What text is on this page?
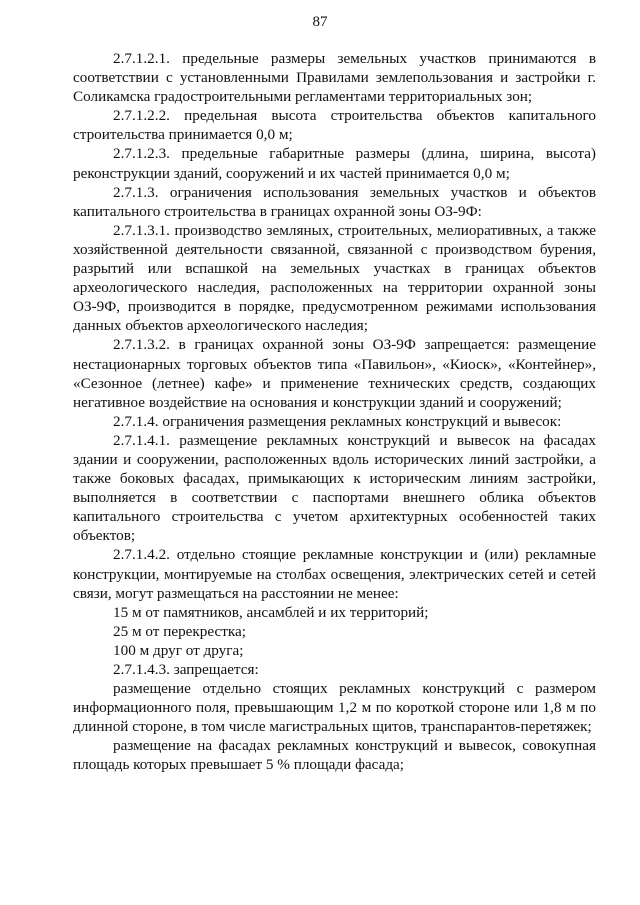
87

2.7.1.2.1. предельные размеры земельных участков принимаются в соответствии с установленными Правилами землепользования и застройки г. Соликамска градостроительными регламентами территориальных зон;

2.7.1.2.2. предельная высота строительства объектов капитального строительства принимается 0,0 м;

2.7.1.2.3. предельные габаритные размеры (длина, ширина, высота) реконструкции зданий, сооружений и их частей принимается 0,0 м;

2.7.1.3. ограничения использования земельных участков и объектов капитального строительства в границах охранной зоны ОЗ-9Ф:

2.7.1.3.1. производство земляных, строительных, мелиоративных, а также хозяйственной деятельности связанной, связанной с производством бурения, разрытий или вспашкой на земельных участках в границах объектов археологического наследия, расположенных на территории охранной зоны ОЗ-9Ф, производится в порядке, предусмотренном режимами использования данных объектов археологического наследия;

2.7.1.3.2. в границах охранной зоны ОЗ-9Ф запрещается: размещение нестационарных торговых объектов типа «Павильон», «Киоск», «Контейнер», «Сезонное (летнее) кафе» и применение технических средств, создающих негативное воздействие на основания и конструкции зданий и сооружений;

2.7.1.4. ограничения размещения рекламных конструкций и вывесок:

2.7.1.4.1. размещение рекламных конструкций и вывесок на фасадах здании и сооружении, расположенных вдоль исторических линий застройки, а также боковых фасадах, примыкающих к историческим линиям застройки, выполняется в соответствии с паспортами внешнего облика объектов капитального строительства с учетом архитектурных особенностей таких объектов;

2.7.1.4.2. отдельно стоящие рекламные конструкции и (или) рекламные конструкции, монтируемые на столбах освещения, электрических сетей и сетей связи, могут размещаться на расстоянии не менее:

15 м от памятников, ансамблей и их территорий;

25 м от перекрестка;

100 м друг от друга;

2.7.1.4.3. запрещается:

размещение отдельно стоящих рекламных конструкций с размером информационного поля, превышающим 1,2 м по короткой стороне или 1,8 м по длинной стороне, в том числе магистральных щитов, транспарантов-перетяжек;

размещение на фасадах рекламных конструкций и вывесок, совокупная площадь которых превышает 5 % площади фасада;
